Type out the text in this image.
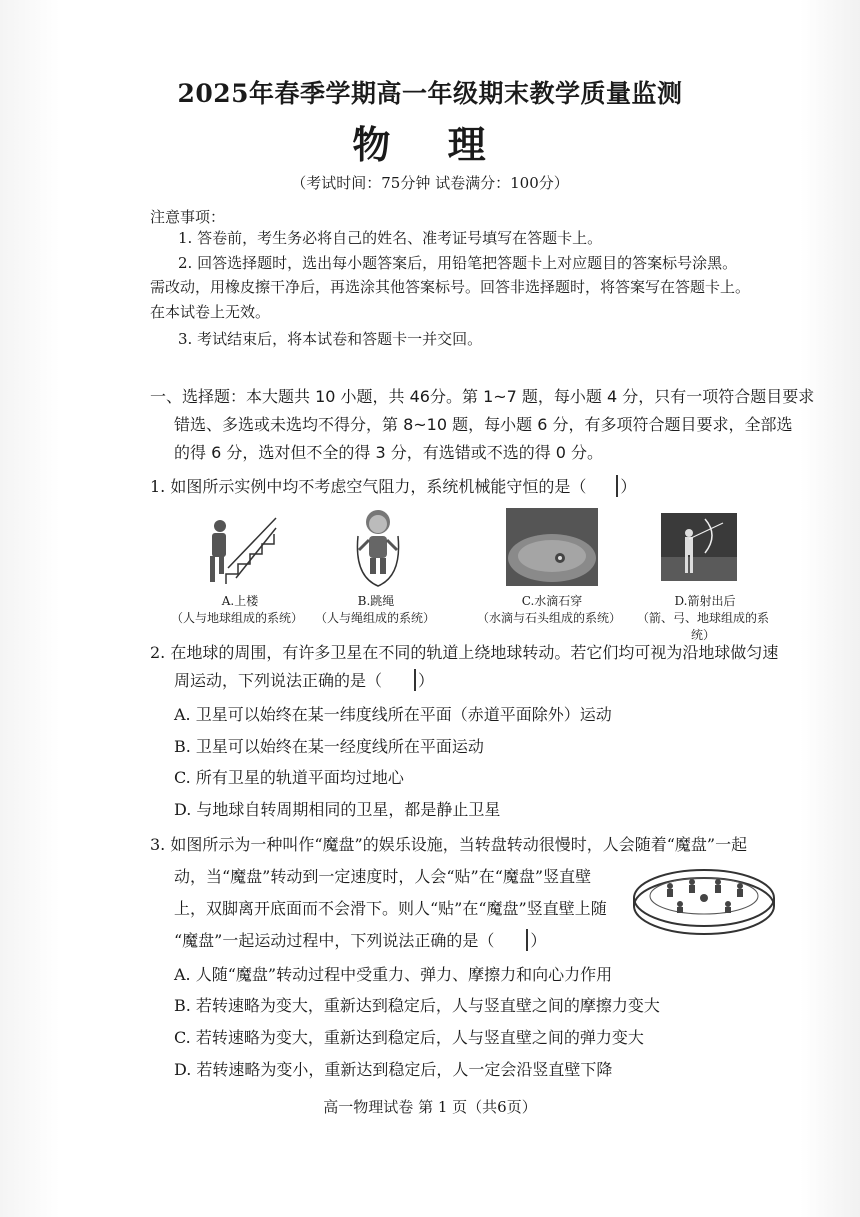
2025年春季学期高一年级期末教学质量监测
物 理
（考试时间：75分钟 试卷满分：100分）
注意事项：
1. 答卷前，考生务必将自己的姓名、准考证号填写在答题卡上。
2. 回答选择题时，选出每小题答案后，用铅笔把答题卡上对应题目的答案标号涂黑。
需改动，用橡皮擦干净后，再选涂其他答案标号。回答非选择题时，将答案写在答题卡上。
在本试卷上无效。
3. 考试结束后，将本试卷和答题卡一并交回。
一、选择题：本大题共 10 小题，共 46分。第 1~7 题，每小题 4 分，只有一项符合题目要求
错选、多选或未选均不得分，第 8~10 题，每小题 6 分，有多项符合题目要求，全部选
的得 6 分，选对但不全的得 3 分，有选错或不选的得 0 分。
1. 如图所示实例中均不考虑空气阻力，系统机械能守恒的是（ ）
A.上楼
（人与地球组成的系统）
B.跳绳
（人与绳组成的系统）
C.水滴石穿
（水滴与石头组成的系统）
D.箭射出后
（箭、弓、地球组成的系统）
2. 在地球的周围，有许多卫星在不同的轨道上绕地球转动。若它们均可视为沿地球做匀速
周运动，下列说法正确的是（ ）
A. 卫星可以始终在某一纬度线所在平面（赤道平面除外）运动
B. 卫星可以始终在某一经度线所在平面运动
C. 所有卫星的轨道平面均过地心
D. 与地球自转周期相同的卫星，都是静止卫星
3. 如图所示为一种叫作“魔盘”的娱乐设施，当转盘转动很慢时，人会随着“魔盘”一起
动，当“魔盘”转动到一定速度时，人会“贴”在“魔盘”竖直壁
上，双脚离开底面而不会滑下。则人“贴”在“魔盘”竖直壁上随
“魔盘”一起运动过程中，下列说法正确的是（ ）
A. 人随“魔盘”转动过程中受重力、弹力、摩擦力和向心力作用
B. 若转速略为变大，重新达到稳定后，人与竖直壁之间的摩擦力变大
C. 若转速略为变大，重新达到稳定后，人与竖直壁之间的弹力变大
D. 若转速略为变小，重新达到稳定后，人一定会沿竖直壁下降
高一物理试卷 第 1 页（共6页）
